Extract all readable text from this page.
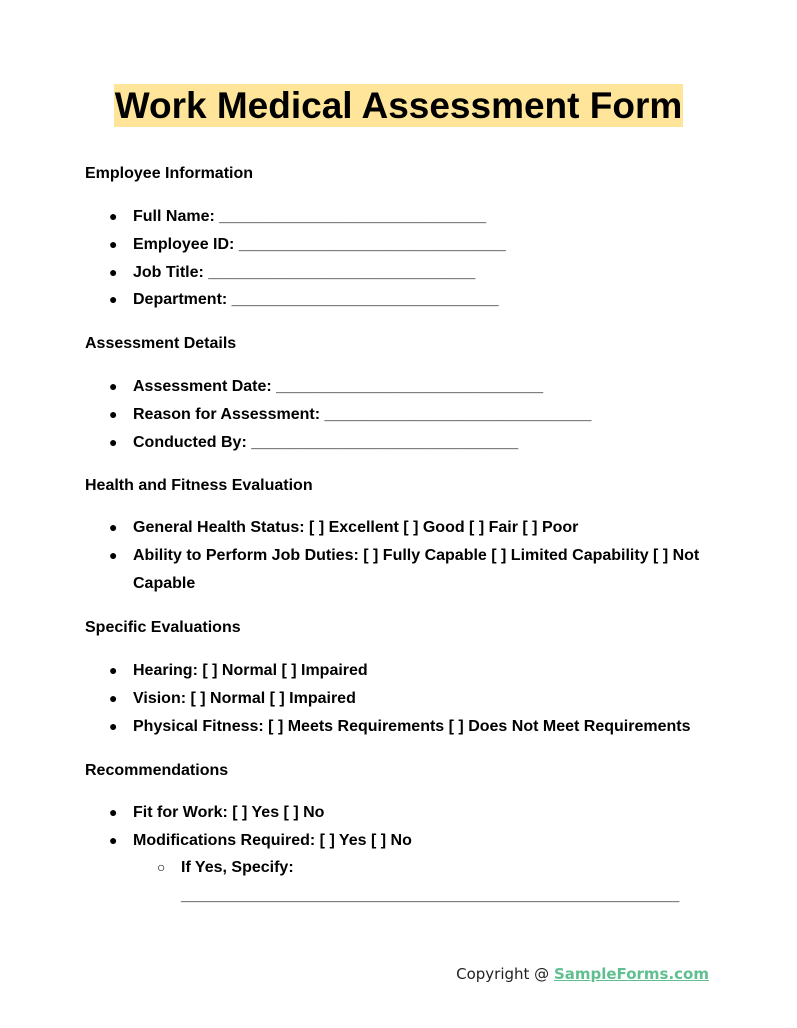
Work Medical Assessment Form
Employee Information
● Full Name: ______________________________
● Employee ID: ______________________________
● Job Title: ______________________________
● Department: ______________________________
Assessment Details
● Assessment Date: ______________________________
● Reason for Assessment: ______________________________
● Conducted By: ______________________________
Health and Fitness Evaluation
● General Health Status: [ ] Excellent [ ] Good [ ] Fair [ ] Poor
● Ability to Perform Job Duties: [ ] Fully Capable [ ] Limited Capability [ ] Not Capable
Specific Evaluations
● Hearing: [ ] Normal [ ] Impaired
● Vision: [ ] Normal [ ] Impaired
● Physical Fitness: [ ] Meets Requirements [ ] Does Not Meet Requirements
Recommendations
● Fit for Work: [ ] Yes [ ] No
● Modifications Required: [ ] Yes [ ] No
○ If Yes, Specify: ________________________________________________________
Copyright @ SampleForms.com
